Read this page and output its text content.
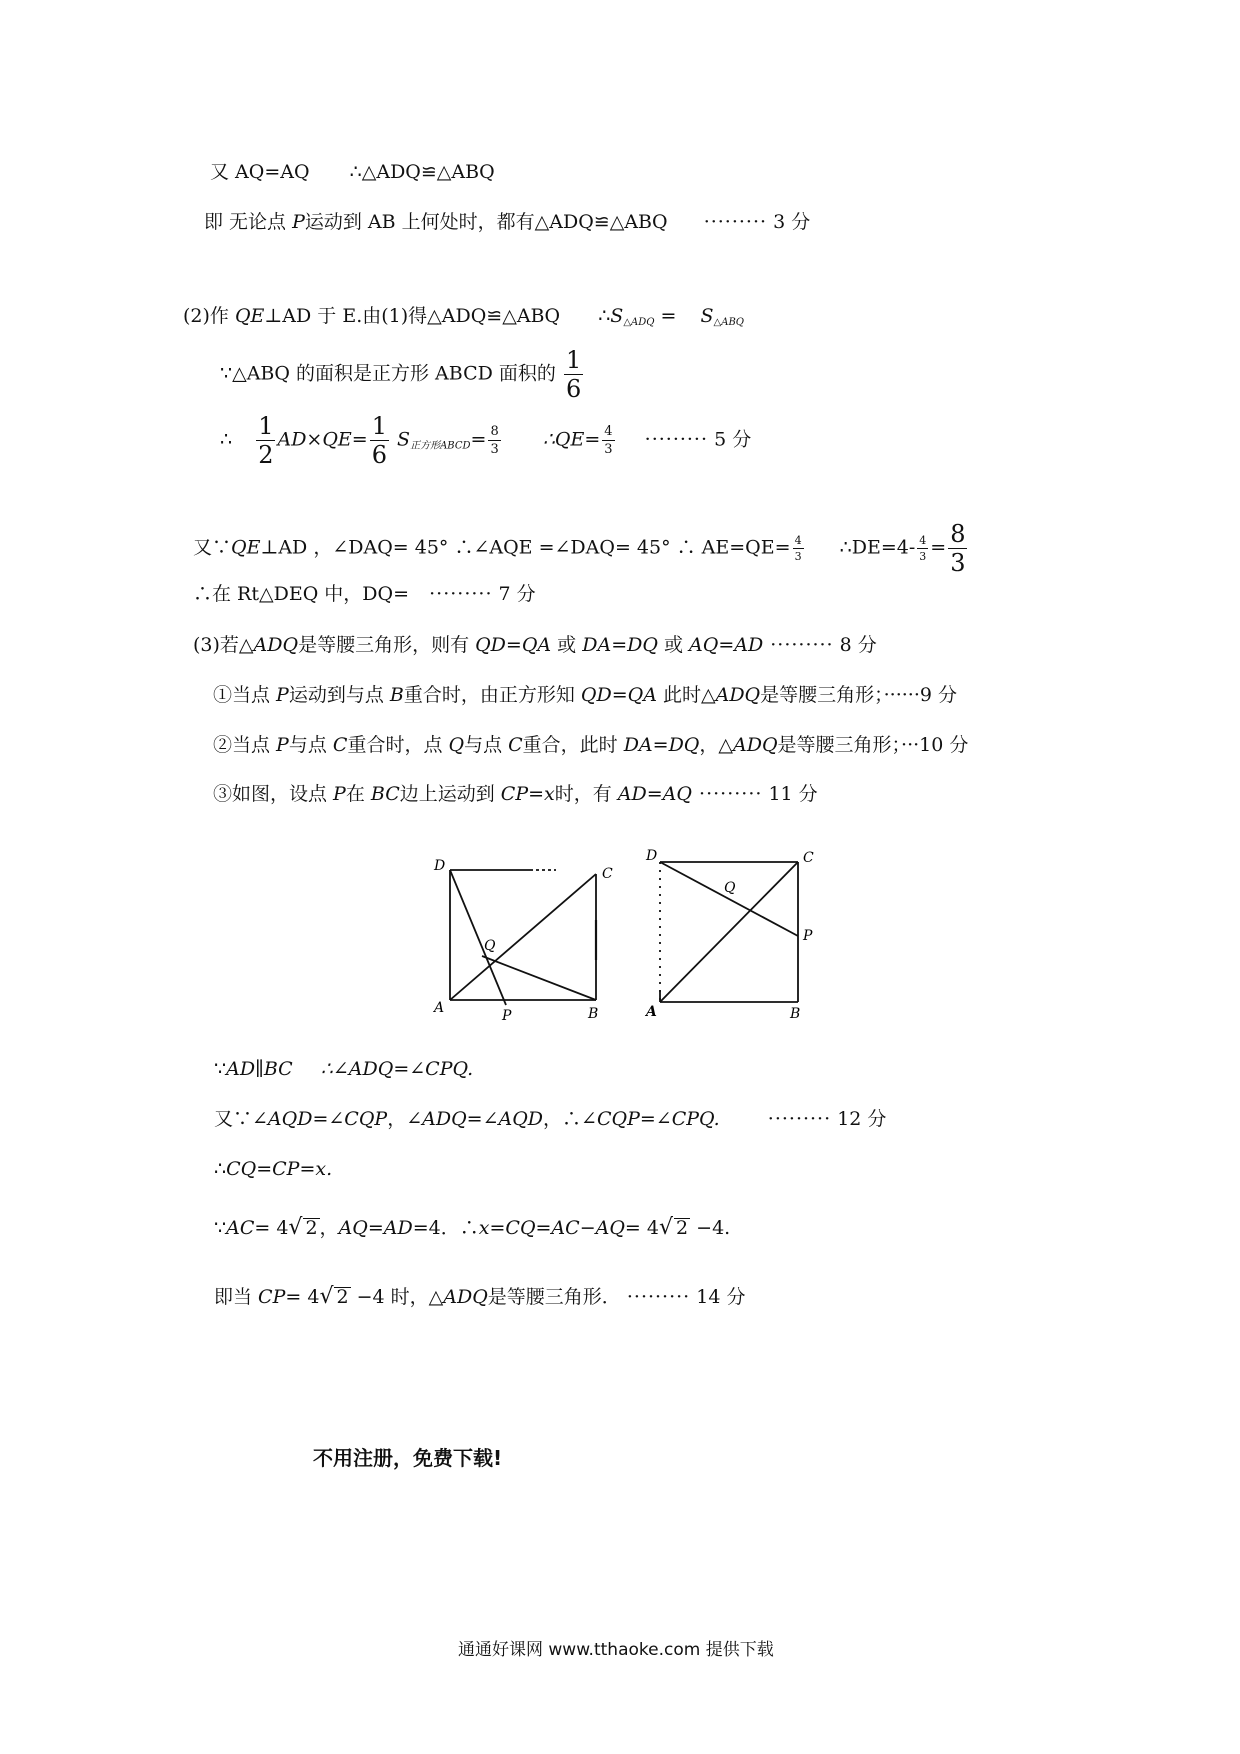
又 AQ=AQ ∴△ADQ≌△ABQ
即 无论点 P运动到 AB 上何处时，都有△ADQ≌△ABQ ········· 3 分
(2)作 QE⊥AD 于 E.由(1)得△ADQ≌△ABQ $\therefore S_{\triangle ADQ} = S_{\triangle ABQ}$
∵△ABQ 的面积是正方形 ABCD 面积的 $\frac{1}{6}$
∴ $\frac{1}{2} AD\times QE= \frac{1}{6} S_{正方形ABCD}= \frac{8}{3}$ ∴QE= $\frac{4}{3}$ ········· 5 分
又∵QE⊥AD ，∠DAQ= 45° ∴∠AQE =∠DAQ= 45° ∴ $AE=QE= \frac{4}{3}$ ∴DE=4- $\frac{4}{3} = \frac{8}{3}$
∴在 Rt△DEQ 中，DQ= ········· 7 分
(3)若△ADQ是等腰三角形，则有 QD=QA 或 DA=DQ 或 AQ=AD ········· 8 分
①当点 P运动到与点 B重合时，由正方形知 QD=QA 此时△ADQ是等腰三角形；······9 分
②当点 P与点 C重合时，点 Q与点 C重合，此时 DA=DQ，△ADQ是等腰三角形；···10 分
③如图，设点 P在 BC边上运动到 CP=x时，有 AD=AQ ········· 11 分
D	C
Q
A	P	B
D	C
Q
P
A	B
∵AD∥BC ∴∠ADQ=∠CPQ.
又∵∠AQD=∠CQP，∠ADQ=∠AQD，∴∠CQP=∠CPQ.	········· 12 分
∴CQ=CP=x.
∵AC= 4√ 2 ，AQ=AD=4．∴x=CQ=AC−AQ= 4√ 2 −4.
即当 CP= 4√ 2 −4 时，△ADQ是等腰三角形． ········· 14 分
不用注册，免费下载!
通通好课网 www.tthaoke.com 提供下载
